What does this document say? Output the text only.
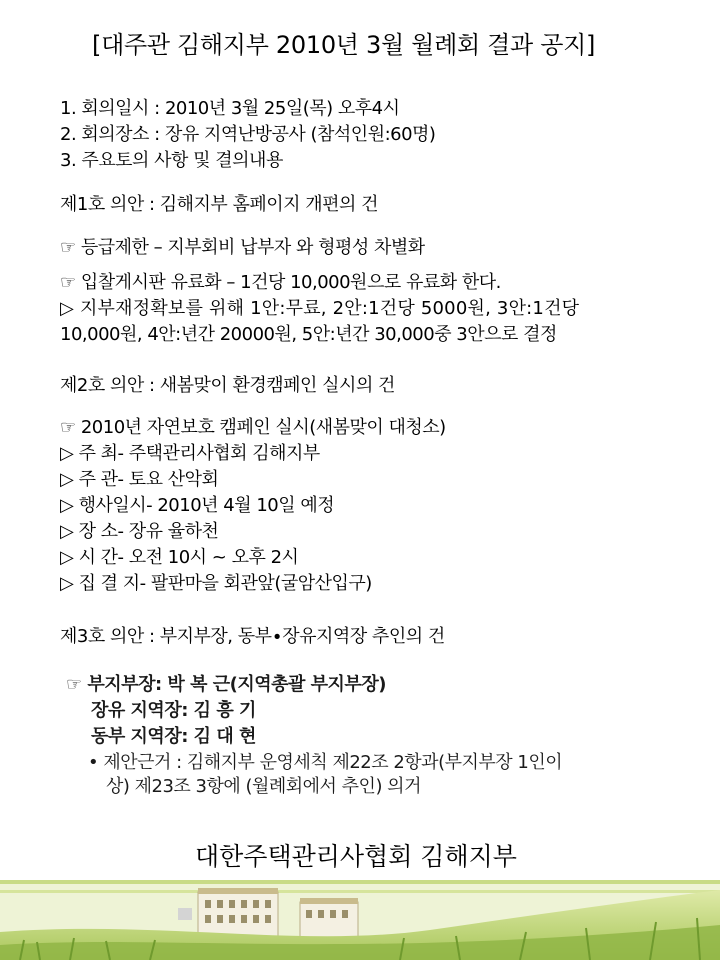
[대주관 김해지부 2010년 3월 월례회 결과 공지]
1. 회의일시 : 2010년 3월 25일(목) 오후4시
2. 회의장소 : 장유 지역난방공사 (참석인원:60명)
3. 주요토의 사항 및 결의내용
제1호 의안 : 김해지부 홈페이지 개편의 건
☞ 등급제한 – 지부회비 납부자 와 형평성 차별화
☞ 입찰게시판 유료화 – 1건당 10,000원으로 유료화 한다.
▷ 지부재정확보를 위해 1안:무료, 2안:1건당 5000원, 3안:1건당
10,000원, 4안:년간 20000원, 5안:년간 30,000중 3안으로 결정
제2호 의안 : 새봄맞이 환경캠페인 실시의 건
☞ 2010년 자연보호 캠페인 실시(새봄맞이 대청소)
▷ 주 최- 주택관리사협회 김해지부
▷ 주 관- 토요 산악회
▷ 행사일시- 2010년 4월 10일 예정
▷ 장 소- 장유 율하천
▷ 시 간- 오전 10시 ~ 오후 2시
▷ 집 결 지- 팔판마을 회관앞(굴암산입구)
제3호 의안 : 부지부장, 동부∙장유지역장 추인의 건
☞ 부지부장: 박 복 근(지역총괄 부지부장)
장유 지역장: 김 흥 기
동부 지역장: 김 대 현
• 제안근거 : 김해지부 운영세칙 제22조 2항과(부지부장 1인이
상) 제23조 3항에 (월례회에서 추인) 의거
대한주택관리사협회 김해지부
